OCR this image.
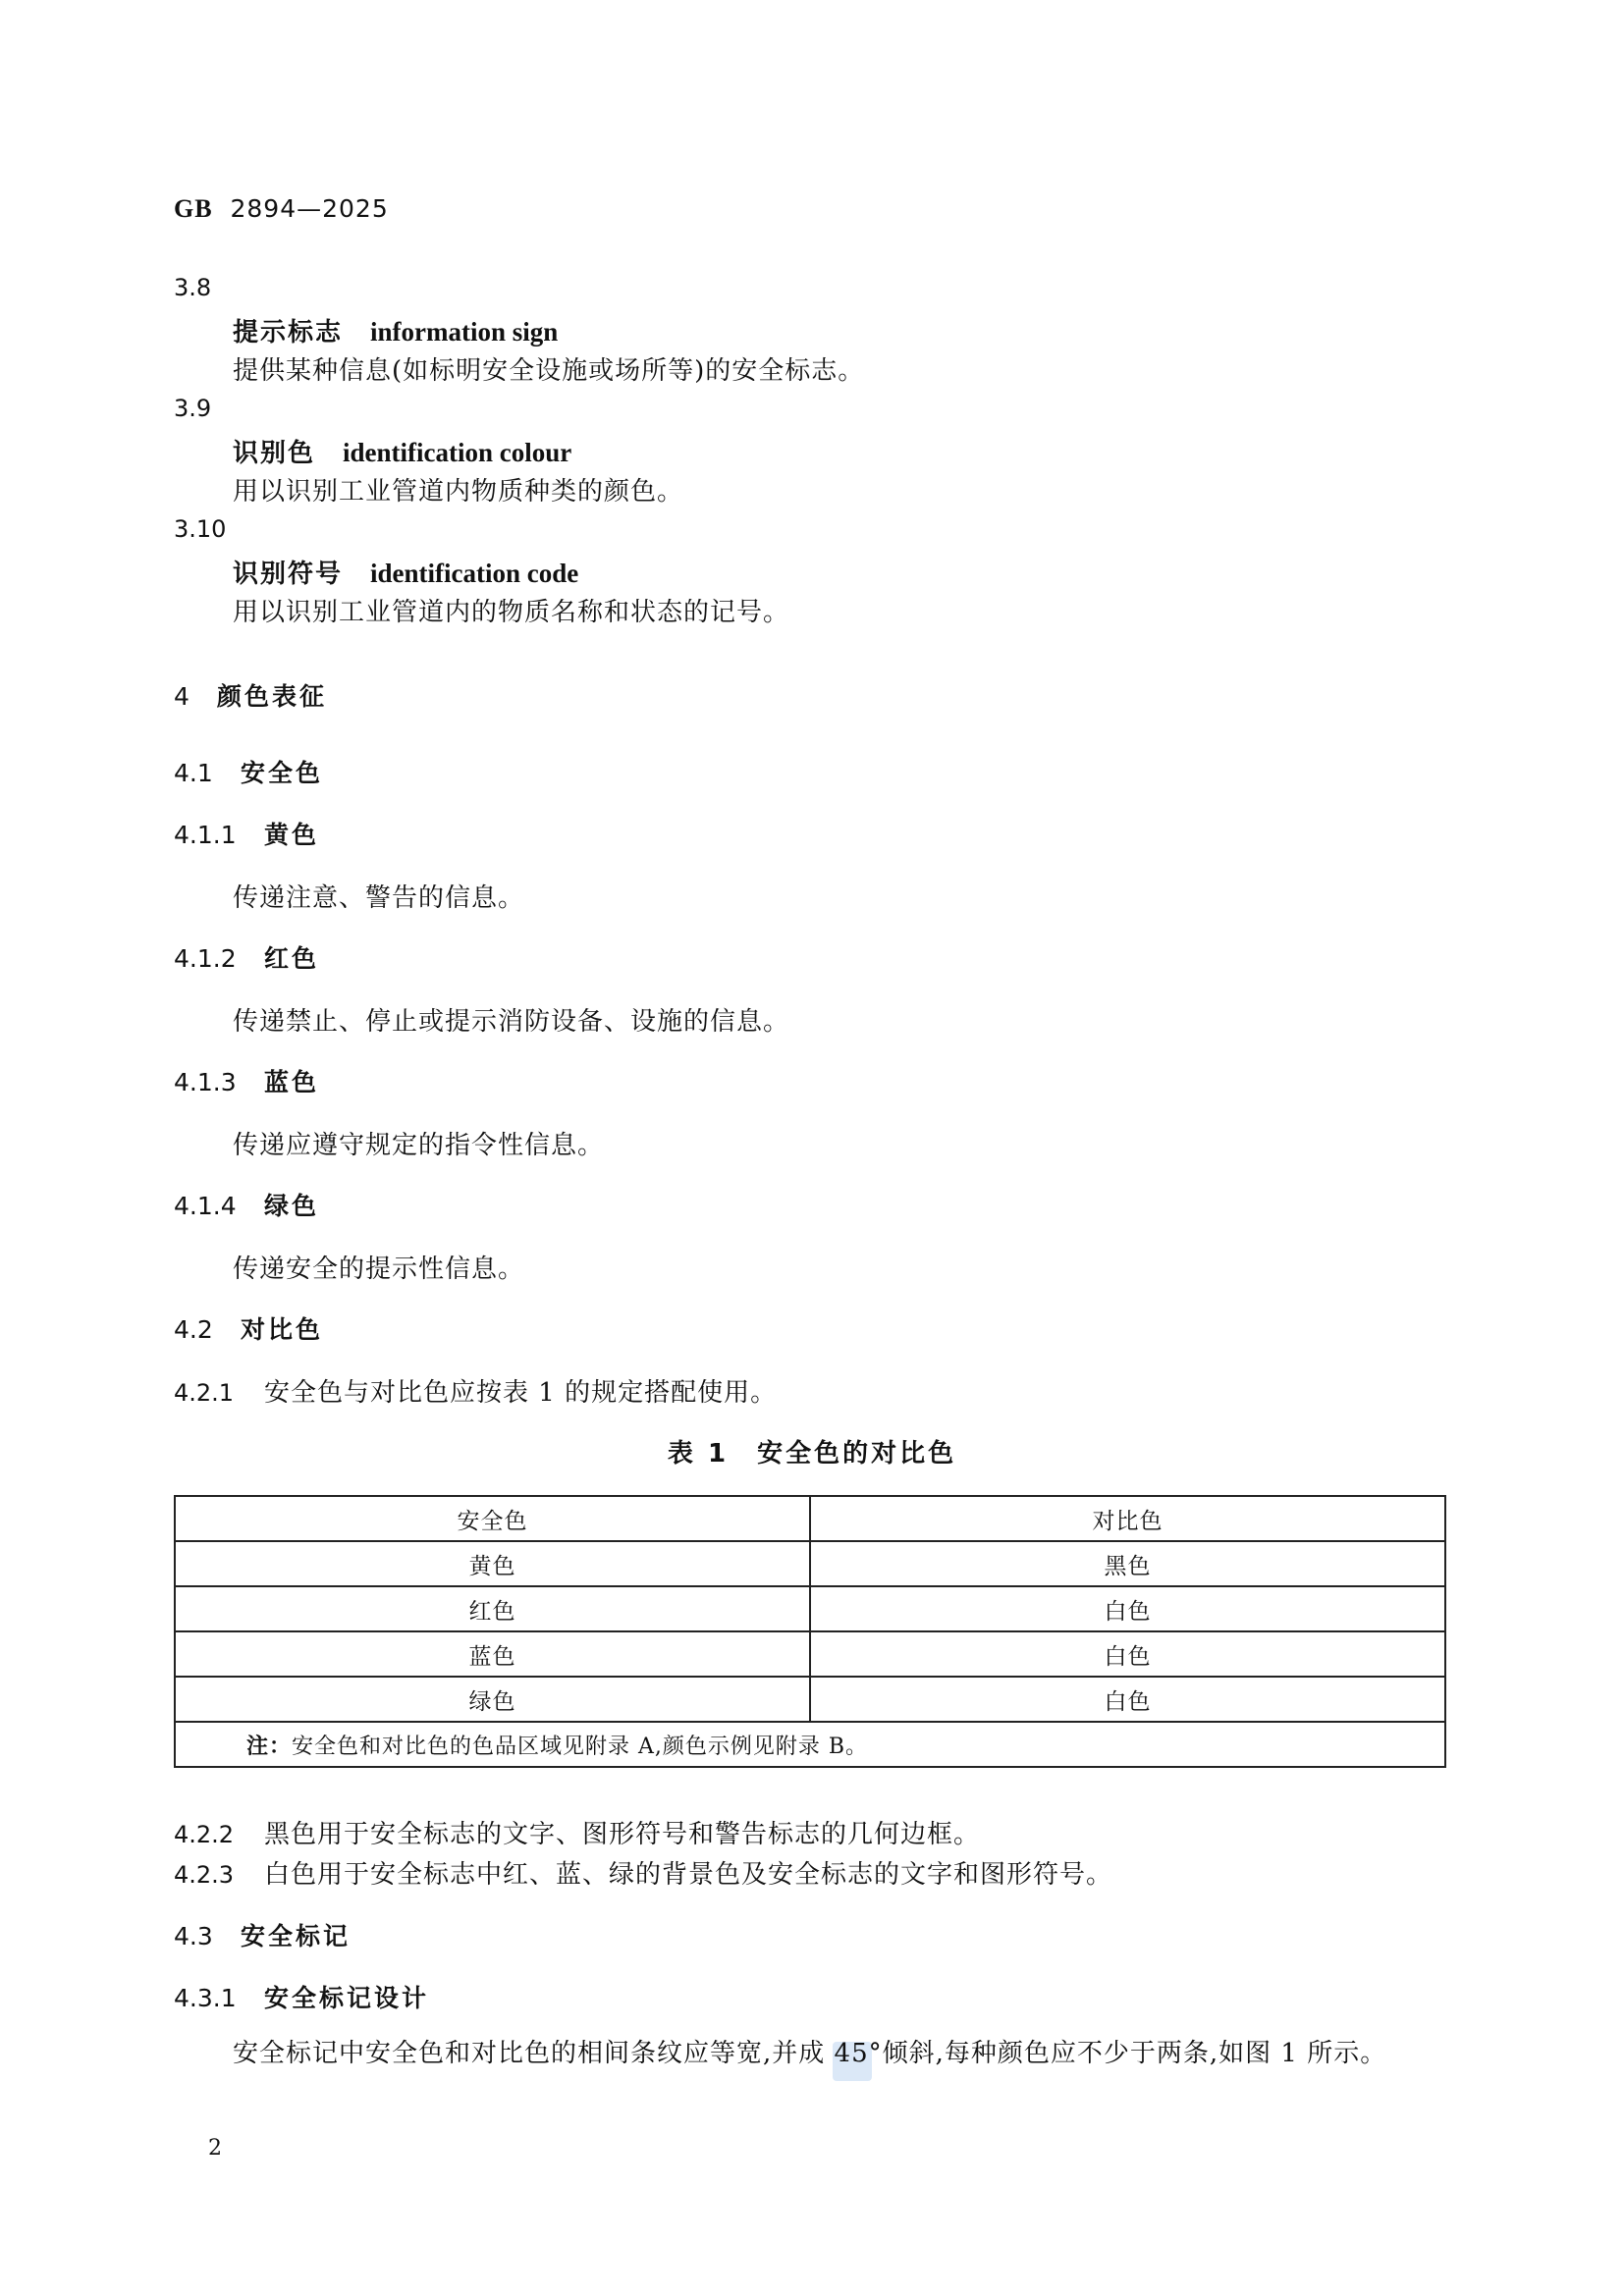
GB 2894—2025
3.8
提示标志 information sign
提供某种信息(如标明安全设施或场所等)的安全标志。
3.9
识别色 identification colour
用以识别工业管道内物质种类的颜色。
3.10
识别符号 identification code
用以识别工业管道内的物质名称和状态的记号。
4 颜色表征
4.1 安全色
4.1.1 黄色
传递注意、警告的信息。
4.1.2 红色
传递禁止、停止或提示消防设备、设施的信息。
4.1.3 蓝色
传递应遵守规定的指令性信息。
4.1.4 绿色
传递安全的提示性信息。
4.2 对比色
4.2.1 安全色与对比色应按表 1 的规定搭配使用。
表 1　安全色的对比色
安全色	对比色
黄色	黑色
红色	白色
蓝色	白色
绿色	白色
注：安全色和对比色的色品区域见附录 A,颜色示例见附录 B。	
4.2.2 黑色用于安全标志的文字、图形符号和警告标志的几何边框。
4.2.3 白色用于安全标志中红、蓝、绿的背景色及安全标志的文字和图形符号。
4.3 安全标记
4.3.1 安全标记设计
安全标记中安全色和对比色的相间条纹应等宽,并成 45°倾斜,每种颜色应不少于两条,如图 1 所示。
2
